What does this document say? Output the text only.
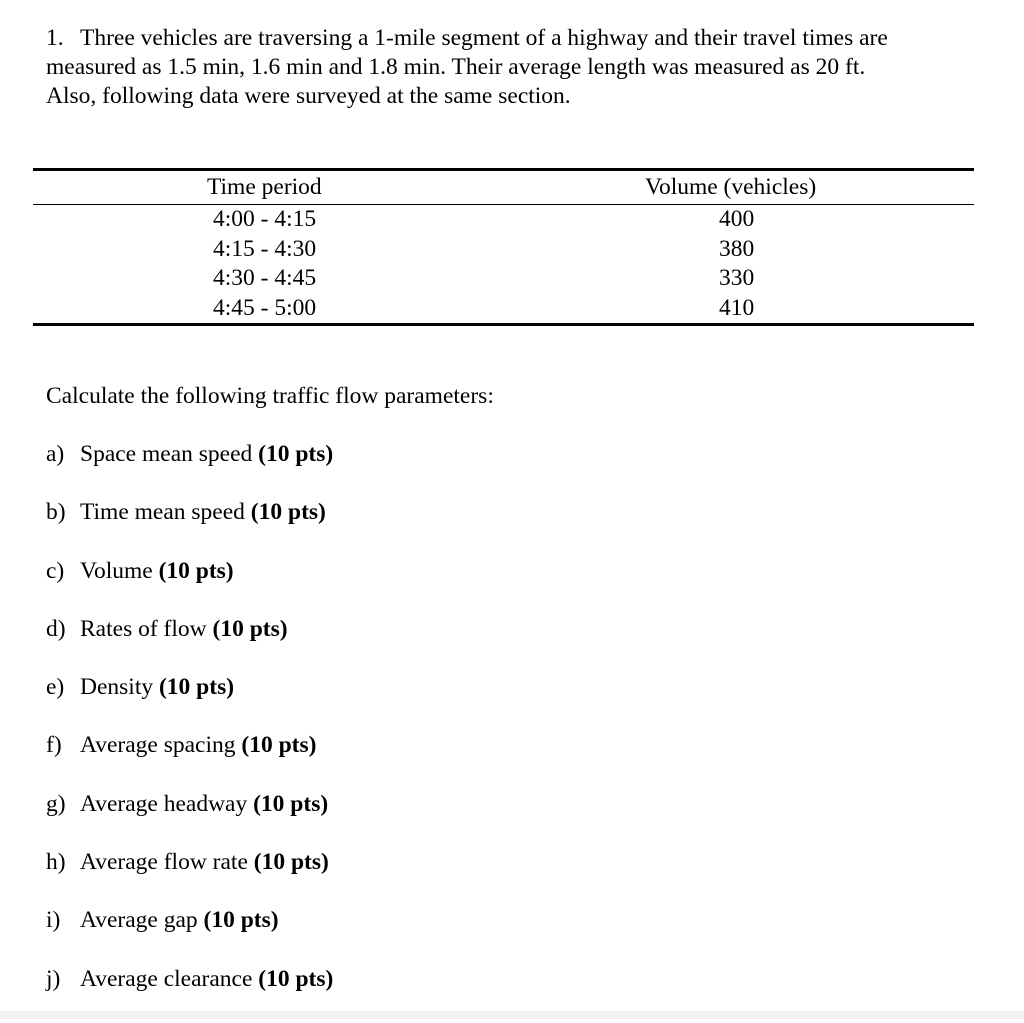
1. Three vehicles are traversing a 1-mile segment of a highway and their travel times are
measured as 1.5 min, 1.6 min and 1.8 min. Their average length was measured as 20 ft.
Also, following data were surveyed at the same section.
Time period	Volume (vehicles)
4:00 - 4:15	400
4:15 - 4:30	380
4:30 - 4:45	330
4:45 - 5:00	410
Calculate the following traffic flow parameters:
a) Space mean speed (10 pts)
b) Time mean speed (10 pts)
c) Volume (10 pts)
d) Rates of flow (10 pts)
e) Density (10 pts)
f) Average spacing (10 pts)
g) Average headway (10 pts)
h) Average flow rate (10 pts)
i) Average gap (10 pts)
j) Average clearance (10 pts)
